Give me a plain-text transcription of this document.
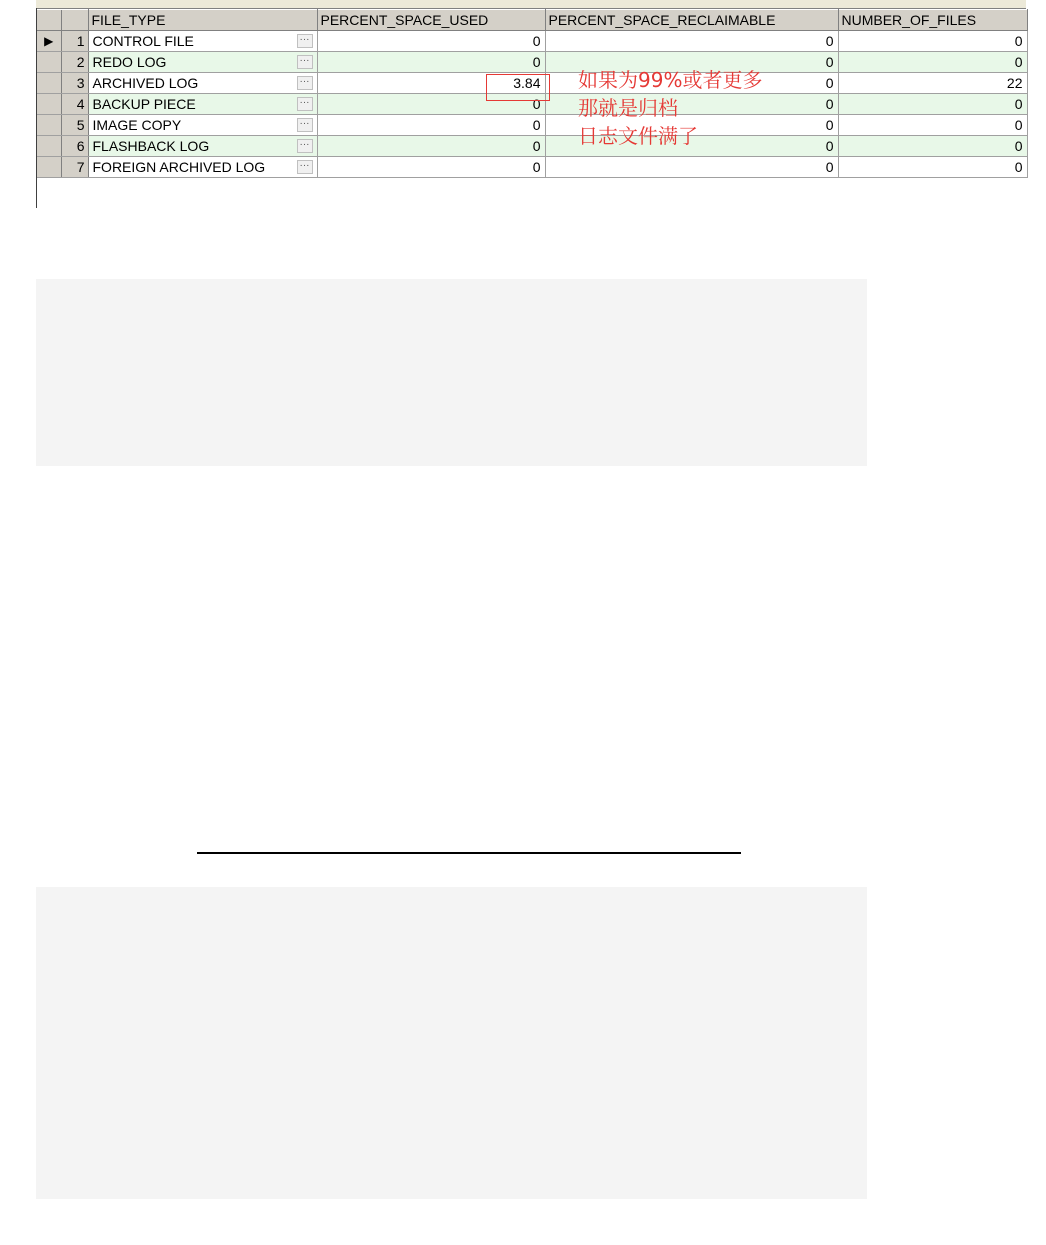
		FILE_TYPE	PERCENT_SPACE_USED	PERCENT_SPACE_RECLAIMABLE	NUMBER_OF_FILES
▶	1	CONTROL FILE ···	0	0	0
	2	REDO LOG ···	0	0	0
	3	ARCHIVED LOG ···	3.84	0	22
	4	BACKUP PIECE ···	0	0	0
	5	IMAGE COPY ···	0	0	0
	6	FLASHBACK LOG ···	0	0	0
	7	FOREIGN ARCHIVED LOG ···	0	0	0
如果为99%或者更多
那就是归档
日志文件满了
